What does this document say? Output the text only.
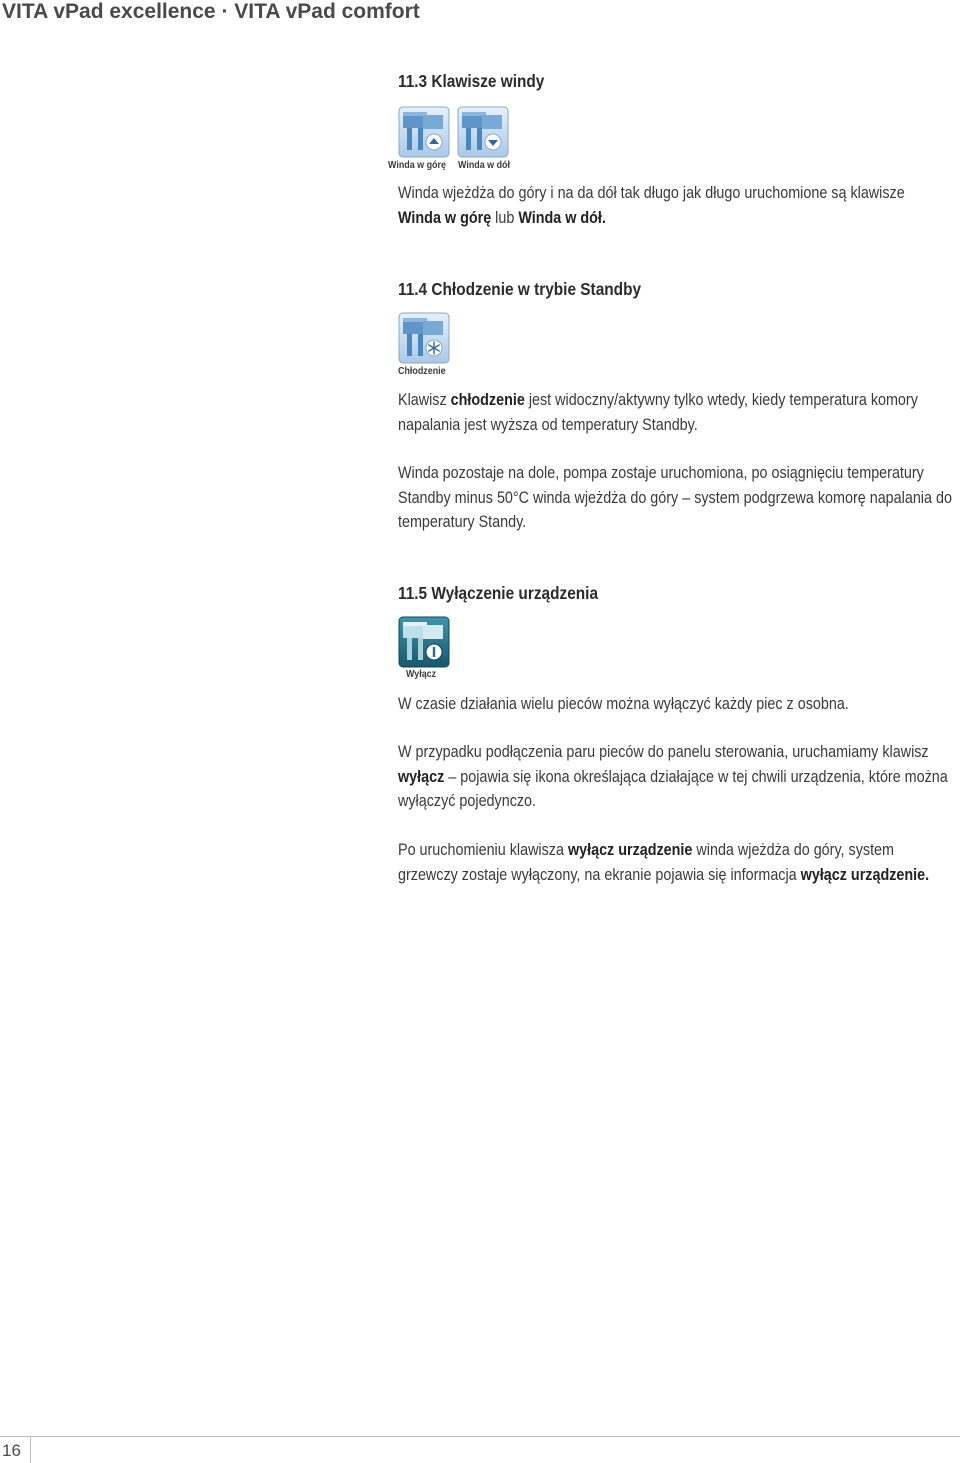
VITA vPad excellence · VITA vPad comfort
11.3 Klawisze windy
Winda w górę Winda w dół
Winda wjeżdża do góry i na da dół tak długo jak długo uruchomione są klawisze
Winda w górę lub Winda w dół.
11.4 Chłodzenie w trybie Standby
Chłodzenie
Klawisz chłodzenie jest widoczny/aktywny tylko wtedy, kiedy temperatura komory napalania jest wyższa od temperatury Standby.
Winda pozostaje na dole, pompa zostaje uruchomiona, po osiągnięciu temperatury Standby minus 50°C winda wjeżdża do góry – system podgrzewa komorę napalania do temperatury Standy.
11.5 Wyłączenie urządzenia
Wyłącz
W czasie działania wielu pieców można wyłączyć każdy piec z osobna.
W przypadku podłączenia paru pieców do panelu sterowania, uruchamiamy klawisz wyłącz – pojawia się ikona określająca działające w tej chwili urządzenia, które można wyłączyć pojedynczo.
Po uruchomieniu klawisza wyłącz urządzenie winda wjeżdża do góry, system grzewczy zostaje wyłączony, na ekranie pojawia się informacja wyłącz urządzenie.
16
